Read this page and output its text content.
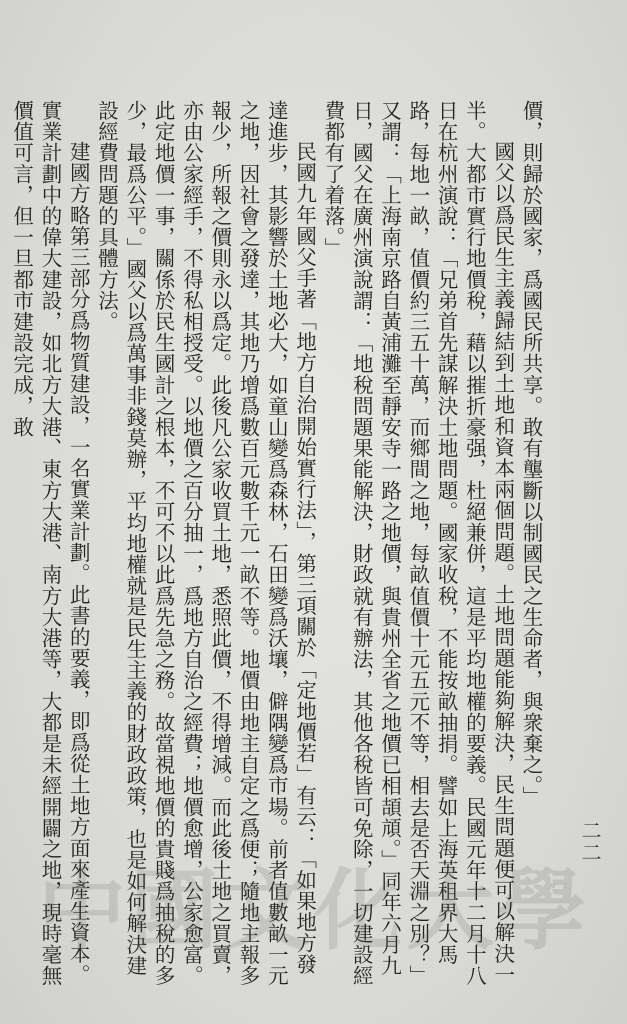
價，則歸於國家，爲國民所共享。敢有壟斷以制國民之生命者，與衆棄之。」

國父以爲民生主義歸結到土地和資本兩個問題。土地問題能夠解決，民生問題便可以解決一半。大都市實行地價稅，藉以摧折豪强，杜絕兼併，這是平均地權的要義。民國元年十二月十八日在杭州演說：「兄弟首先謀解決土地問題。國家收稅，不能按畝抽捐。譬如上海英租界大馬路，每地一畝，值價約三五十萬，而鄉間之地，每畝值價十元五元不等，相去是否天淵之別？」又謂：「上海南京路自黃浦灘至靜安寺一路之地價，與貴州全省之地價已相頡頏。」同年六月九日，國父在廣州演說謂：「地稅問題果能解決，財政就有辦法，其他各稅皆可免除，一切建設經費都有了着落。」

民國九年國父手著「地方自治開始實行法」，第三項關於「定地價若」有云：「如果地方發達進步，其影響於土地必大，如童山變爲森林，石田變爲沃壤，僻隅變爲市場。前者值數畝一元之地，因社會之發達，其地乃增爲數百元數千元一畝不等。地價由地主自定之爲便；隨地主報多報少，所報之價則永以爲定。此後凡公家收買土地，悉照此價，不得增減。而此後土地之買賣，亦由公家經手，不得私相授受。以地價之百分抽一，爲地方自治之經費；地價愈增，公家愈富。此定地價一事，關係於民生國計之根本，不可不以此爲先急之務。故當視地價的貴賤爲抽稅的多少，最爲公平。」國父以爲萬事非錢莫辦，平均地權就是民生主義的財政政策，也是如何解決建設經費問題的具體方法。

建國方略第三部分爲物質建設，一名實業計劃。此書的要義，即爲從土地方面來產生資本。實業計劃中的偉大建設，如北方大港、東方大港、南方大港等，大都是未經開闢之地，現時毫無價值可言，但一旦都市建設完成，敢

二二
中國文化大學
